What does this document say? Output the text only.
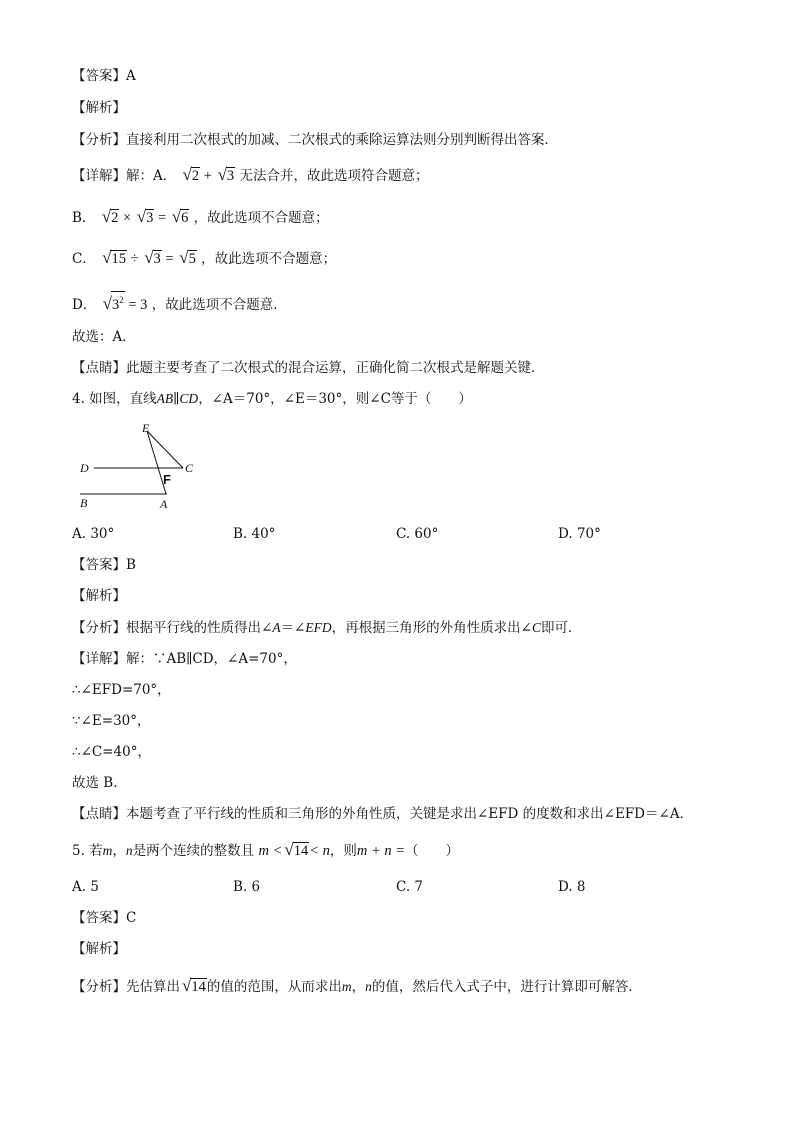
【答案】A
【解析】
【分析】直接利用二次根式的加减、二次根式的乘除运算法则分别判断得出答案．
【详解】解：A． √2 + √3 无法合并，故此选项符合题意；
B． √2 × √3 = √6 ，故此选项不合题意；
C． √15 ÷ √3 = √5 ，故此选项不合题意；
D． $√3^2 = 3$ ，故此选项不合题意．
故选：A．
【点睛】此题主要考查了二次根式的混合运算，正确化简二次根式是解题关键．
4. 如图，直线AB∥CD，∠A＝70°，∠E＝30°，则∠C等于（　　）
E
D	C
F
B	A
A. 30°	B. 40°	C. 60°	D. 70°
【答案】B
【解析】
【分析】根据平行线的性质得出∠A＝∠EFD，再根据三角形的外角性质求出∠C即可．
【详解】解：∵AB∥CD，∠A=70°，
∴∠EFD=70°，
∵∠E=30°，
∴∠C=40°，
故选 B．
【点睛】本题考查了平行线的性质和三角形的外角性质，关键是求出∠EFD 的度数和求出∠EFD＝∠A．
5. 若m，n是两个连续的整数且 m < √14< n，则m + n =（　　）
A. 5	B. 6	C. 7	D. 8
【答案】C
【解析】
【分析】先估算出 √14的值的范围，从而求出m，n的值，然后代入式子中，进行计算即可解答．
